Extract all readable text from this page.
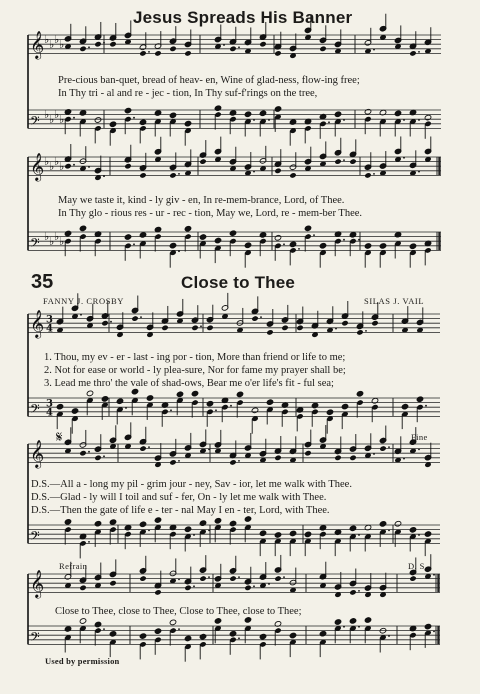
𝄞 ♭ ♭ ♭ ♭
𝄢 ♭ ♭ ♭ ♭
𝄞 ♭ ♭ ♭ ♭
𝄢 ♭ ♭ ♭ ♭
𝄞 3
4
𝄢 3
4
𝄞
𝄢
𝄞
𝄢
Jesus Spreads His Banner
Pre-cious ban-quet, bread of heav- en, Wine of glad-ness, flow-ing free;
In Thy tri - al and re - jec - tion, In Thy suf-f'rings on the tree,
May we taste it, kind - ly giv - en, In re-mem-brance, Lord, of Thee.
In Thy glo - rious res - ur - rec - tion, May we, Lord, re - mem-ber Thee.
35	Close to Thee
FANNY J. CROSBY	SILAS J. VAIL
1. Thou, my ev - er - last - ing por - tion, More than friend or life to me;
2. Not for ease or world - ly plea-sure, Nor for fame my prayer shall be;
3. Lead me thro' the vale of shad-ows, Bear me o'er life's fit - ful sea;
𝄋	Fine
D.S.—All a - long my pil - grim jour - ney, Sav - ior, let me walk with Thee.
D.S.—Glad - ly will I toil and suf - fer, On - ly let me walk with Thee.
D.S.—Then the gate of life e - ter - nal May I en - ter, Lord, with Thee.
Refrain	D. S.
Close to Thee, close to Thee, Close to Thee, close to Thee;
Used by permission
